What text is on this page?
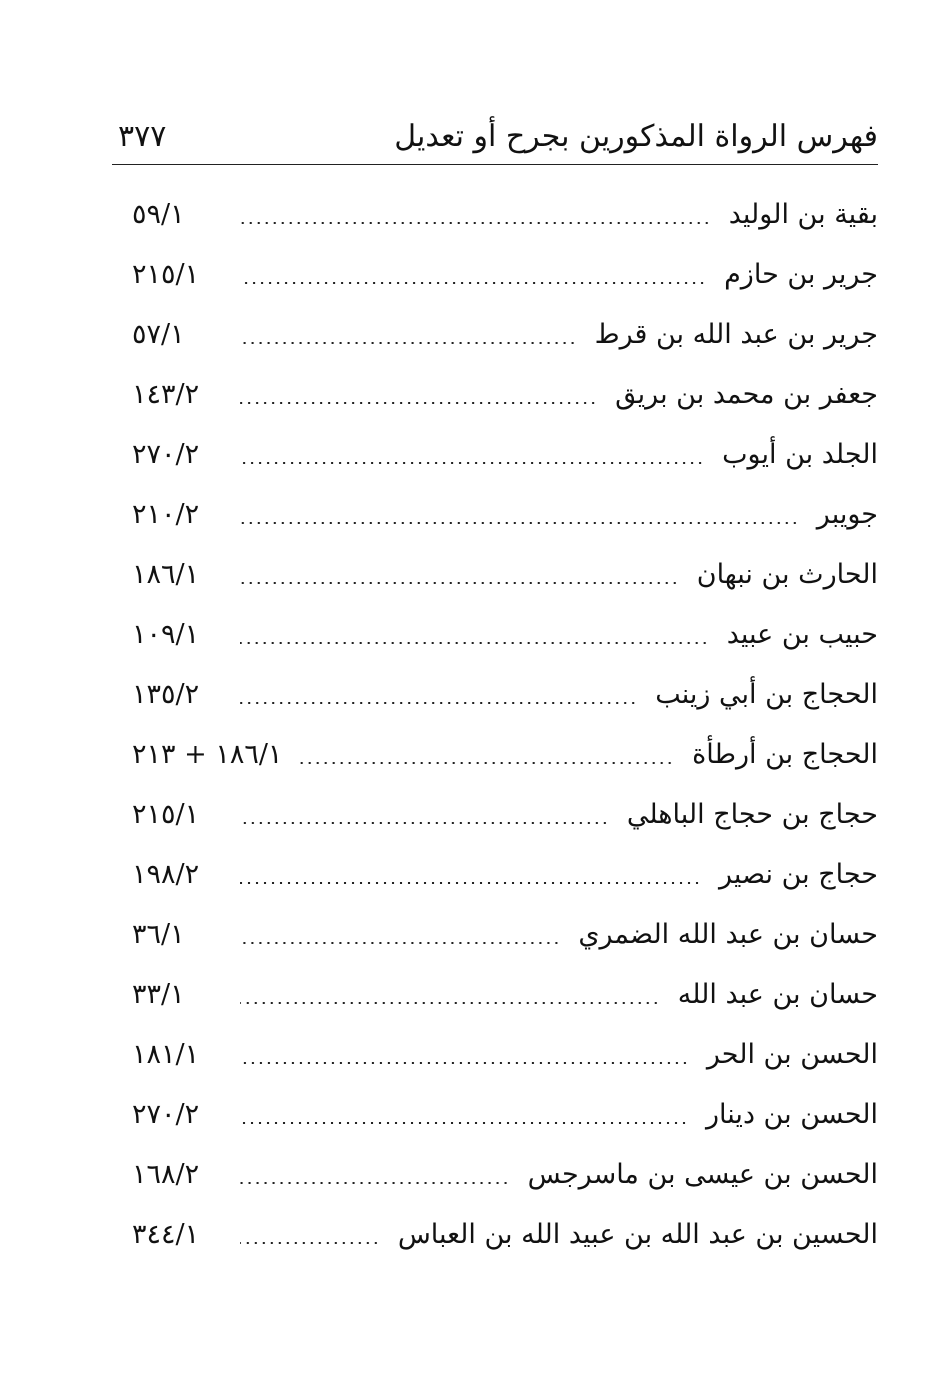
فهرس الرواة المذكورين بجرح أو تعديل
٣٧٧
بقية بن الوليد
٥٩/١
جرير بن حازم
٢١٥/١
جرير بن عبد الله بن قرط
٥٧/١
جعفر بن محمد بن بريق
١٤٣/٢
الجلد بن أيوب
٢٧٠/٢
جويبر
٢١٠/٢
الحارث بن نبهان
١٨٦/١
حبيب بن عبيد
١٠٩/١
الحجاج بن أبي زينب
١٣٥/٢
الحجاج بن أرطأة
١٨٦/١ + ٢١٣
حجاج بن حجاج الباهلي
٢١٥/١
حجاج بن نصير
١٩٨/٢
حسان بن عبد الله الضمري
٣٦/١
حسان بن عبد الله
٣٣/١
الحسن بن الحر
١٨١/١
الحسن بن دينار
٢٧٠/٢
الحسن بن عيسى بن ماسرجس
١٦٨/٢
الحسين بن عبد الله بن عبيد الله بن العباس
٣٤٤/١
